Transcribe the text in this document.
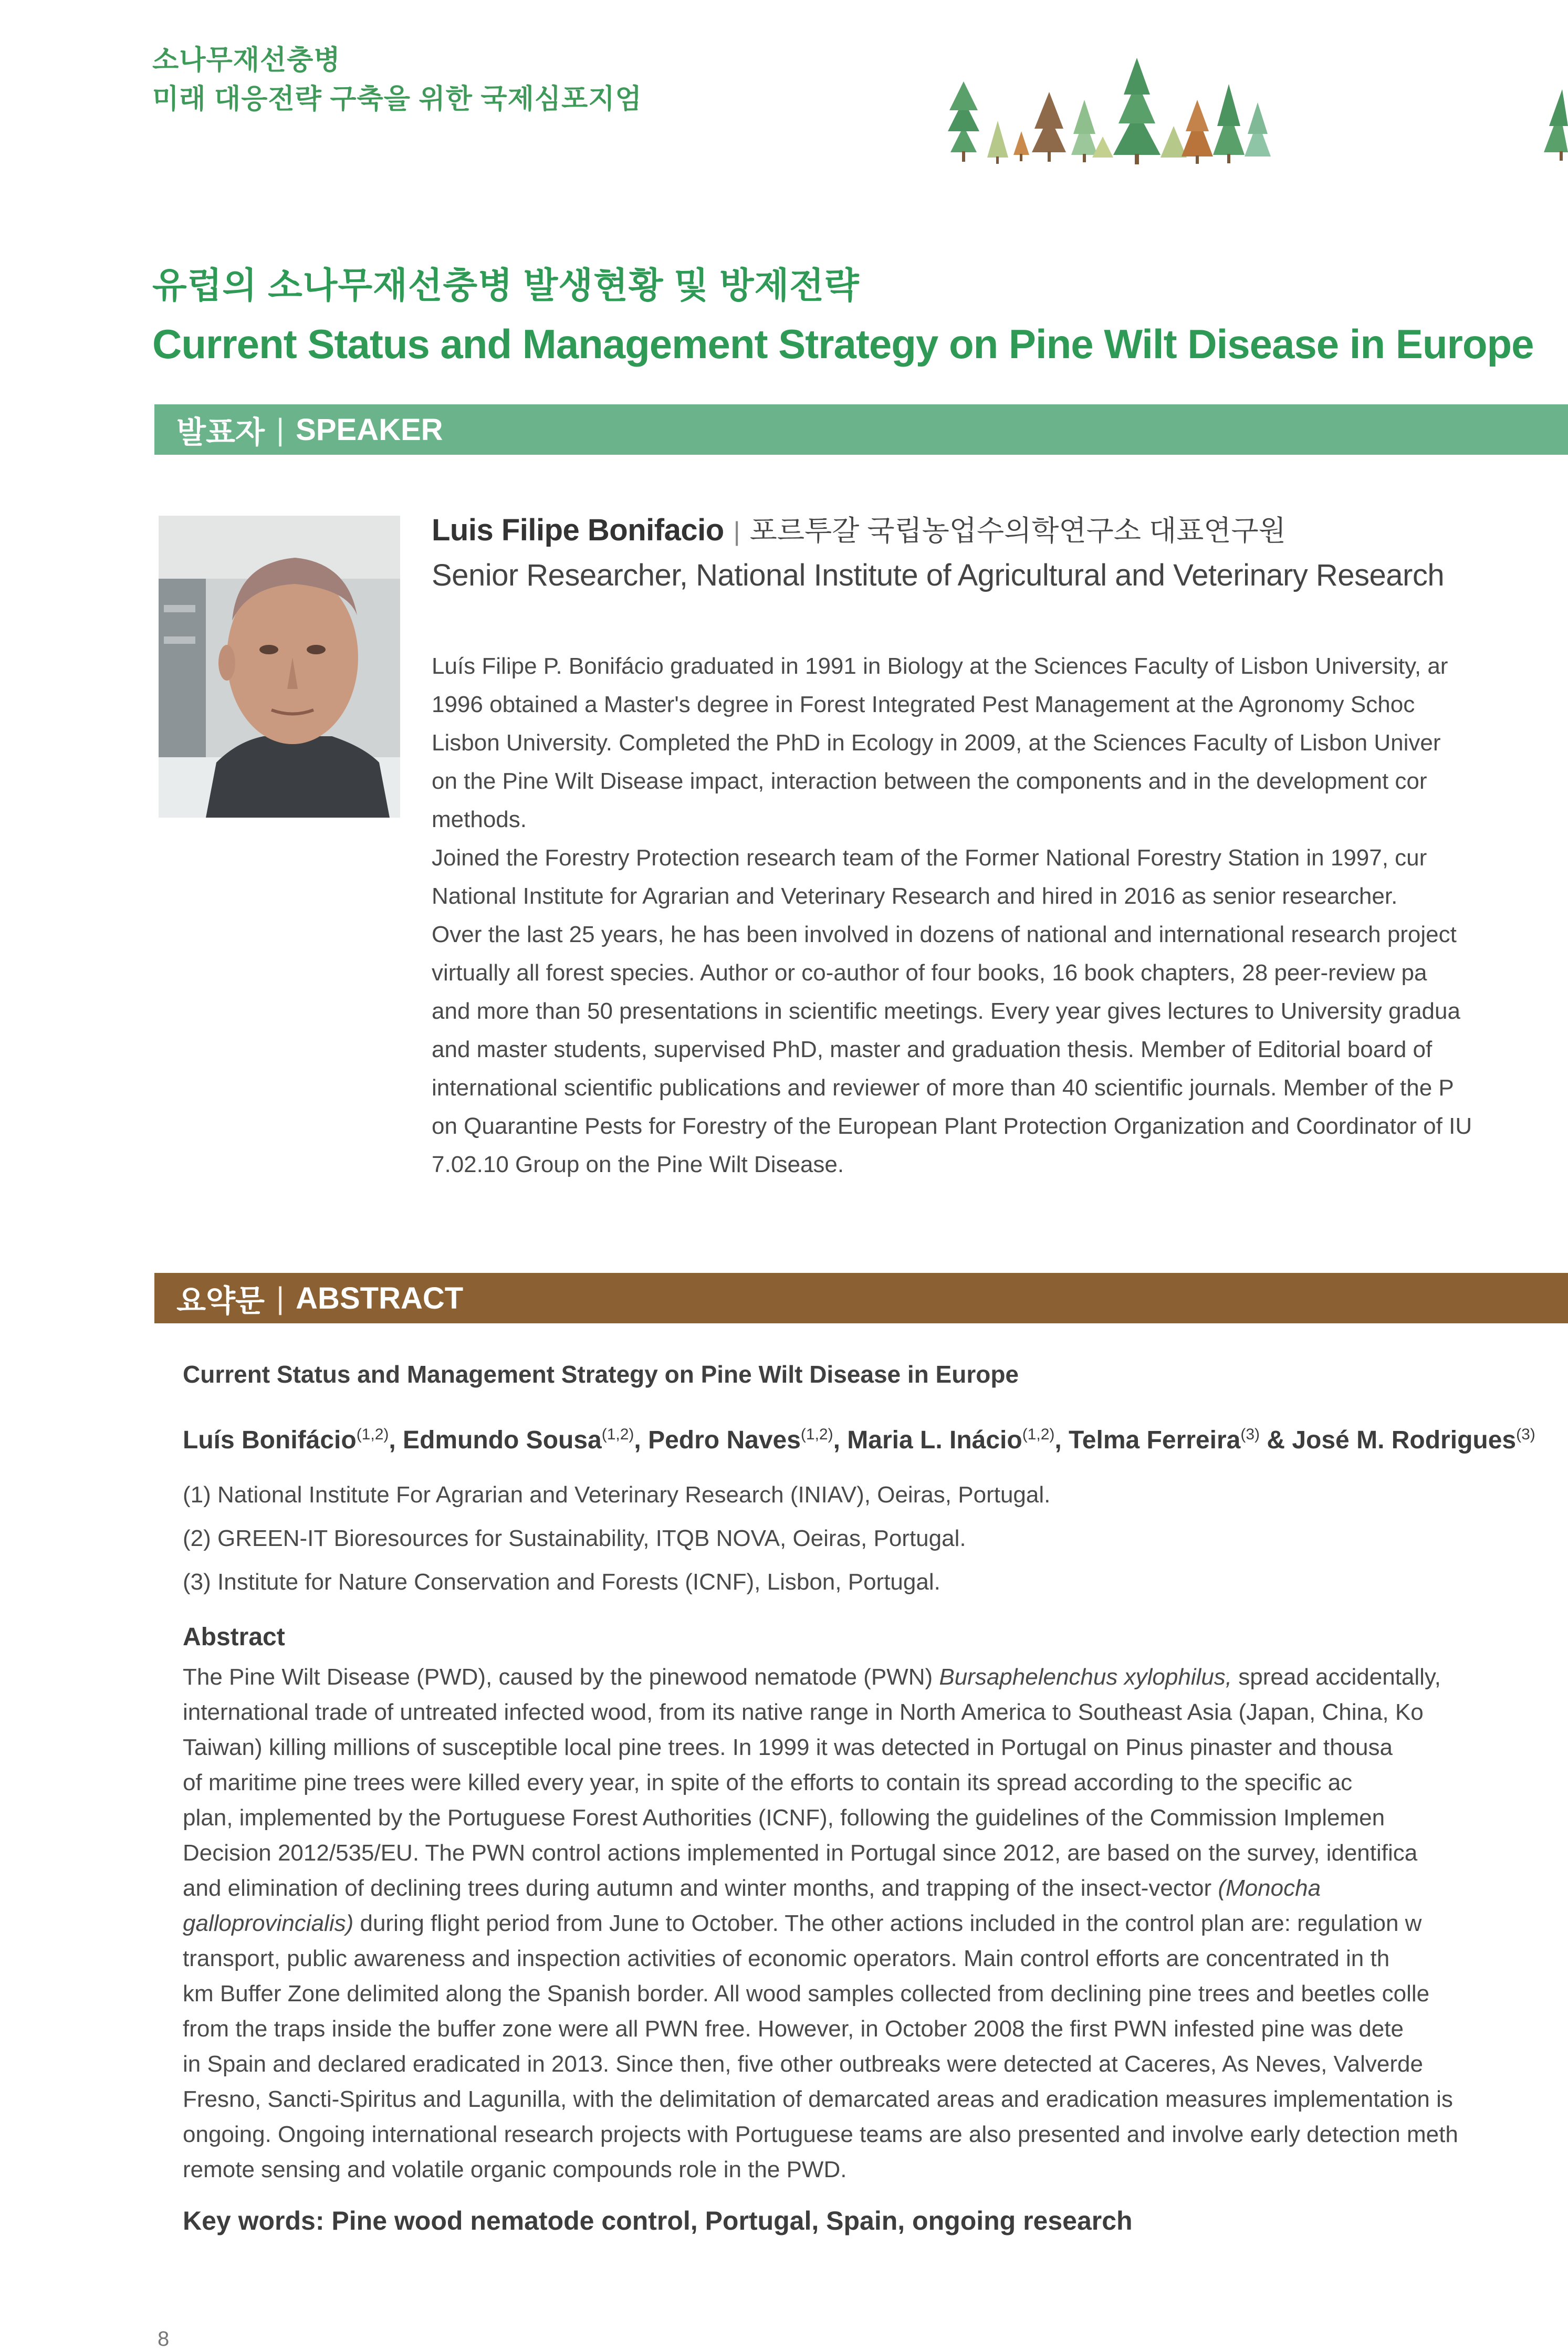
소나무재선충병
미래 대응전략 구축을 위한 국제심포지엄
유럽의 소나무재선충병 발생현황 및 방제전략
Current Status and Management Strategy on Pine Wilt Disease in Europe
발표자 | SPEAKER
Luis Filipe Bonifacio | 포르투갈 국립농업수의학연구소 대표연구원
Senior Researcher, National Institute of Agricultural and Veterinary Research
Luís Filipe P. Bonifácio graduated in 1991 in Biology at the Sciences Faculty of Lisbon University, ar
1996 obtained a Master's degree in Forest Integrated Pest Management at the Agronomy Schoc
Lisbon University. Completed the PhD in Ecology in 2009, at the Sciences Faculty of Lisbon Univer
on the Pine Wilt Disease impact, interaction between the components and in the development cor
methods.
Joined the Forestry Protection research team of the Former National Forestry Station in 1997, cur
National Institute for Agrarian and Veterinary Research and hired in 2016 as senior researcher.
Over the last 25 years, he has been involved in dozens of national and international research project
virtually all forest species. Author or co-author of four books, 16 book chapters, 28 peer-review pa
and more than 50 presentations in scientific meetings. Every year gives lectures to University gradua
and master students, supervised PhD, master and graduation thesis. Member of Editorial board of
international scientific publications and reviewer of more than 40 scientific journals. Member of the P
on Quarantine Pests for Forestry of the European Plant Protection Organization and Coordinator of IU
7.02.10 Group on the Pine Wilt Disease.
요약문 | ABSTRACT
Current Status and Management Strategy on Pine Wilt Disease in Europe
Luís Bonifácio$^{(1,2)}$, Edmundo Sousa$^{(1,2)}$, Pedro Naves$^{(1,2)}$, Maria L. Inácio$^{(1,2)}$, Telma Ferreira$^{(3)}$ & José M. Rodrigues$^{(3)}$
(1) National Institute For Agrarian and Veterinary Research (INIAV), Oeiras, Portugal.
(2) GREEN-IT Bioresources for Sustainability, ITQB NOVA, Oeiras, Portugal.
(3) Institute for Nature Conservation and Forests (ICNF), Lisbon, Portugal.
Abstract
The Pine Wilt Disease (PWD), caused by the pinewood nematode (PWN) Bursaphelenchus xylophilus, spread accidentally,
international trade of untreated infected wood, from its native range in North America to Southeast Asia (Japan, China, Ko
Taiwan) killing millions of susceptible local pine trees. In 1999 it was detected in Portugal on Pinus pinaster and thousa
of maritime pine trees were killed every year, in spite of the efforts to contain its spread according to the specific ac
plan, implemented by the Portuguese Forest Authorities (ICNF), following the guidelines of the Commission Implemen
Decision 2012/535/EU. The PWN control actions implemented in Portugal since 2012, are based on the survey, identifica
and elimination of declining trees during autumn and winter months, and trapping of the insect-vector (Monocha
galloprovincialis) during flight period from June to October. The other actions included in the control plan are: regulation w
transport, public awareness and inspection activities of economic operators. Main control efforts are concentrated in th
km Buffer Zone delimited along the Spanish border. All wood samples collected from declining pine trees and beetles colle
from the traps inside the buffer zone were all PWN free. However, in October 2008 the first PWN infested pine was dete
in Spain and declared eradicated in 2013. Since then, five other outbreaks were detected at Caceres, As Neves, Valverde
Fresno, Sancti-Spiritus and Lagunilla, with the delimitation of demarcated areas and eradication measures implementation is
ongoing. Ongoing international research projects with Portuguese teams are also presented and involve early detection meth
remote sensing and volatile organic compounds role in the PWD.
Key words: Pine wood nematode control, Portugal, Spain, ongoing research
8
